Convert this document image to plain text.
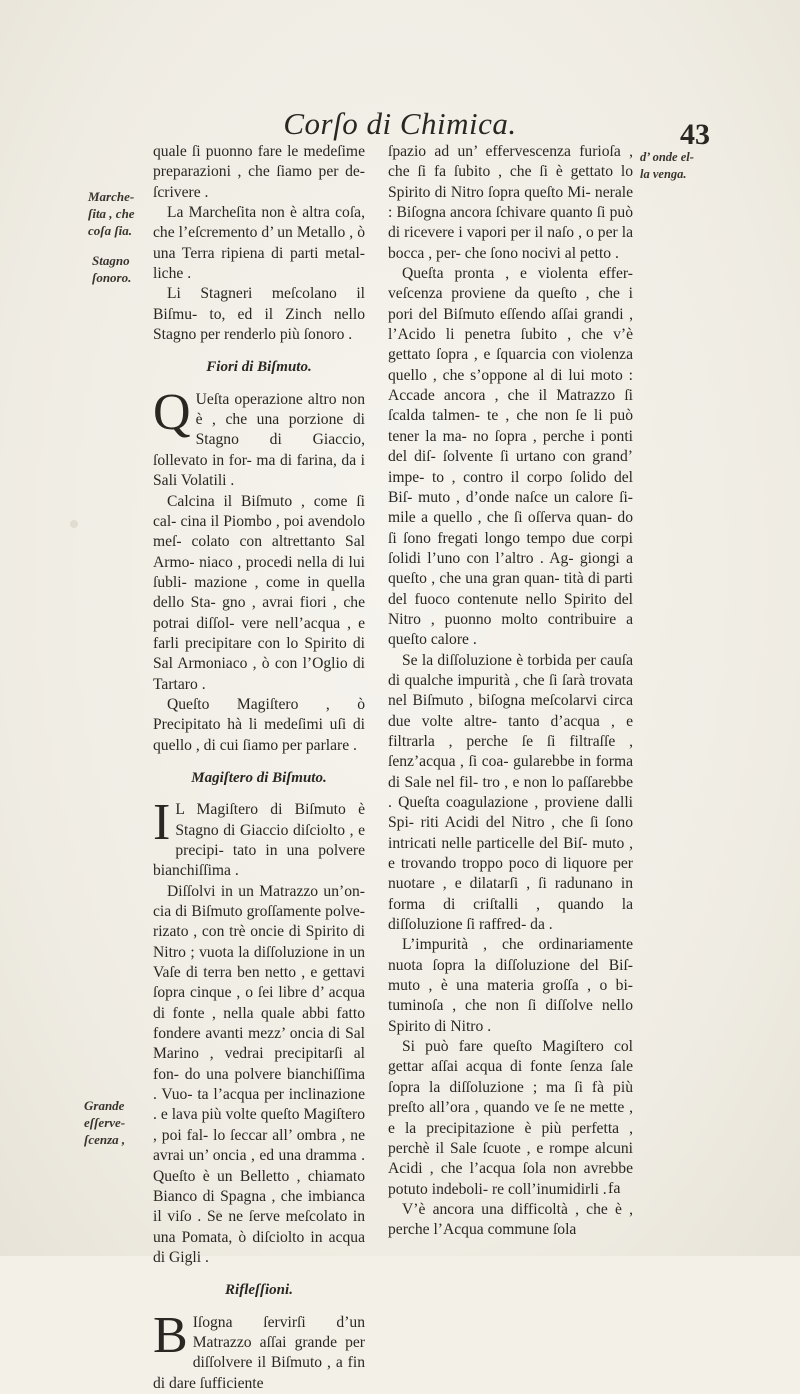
Corſo di Chimica.	43
Marche-
ſita , che
coſa ſia.
Stagno
ſonoro.
Grande
eſſerve-
ſcenza ,
d’ onde el-
la venga.

quale ſi puonno fare le medeſime preparazioni , che ſiamo per de- ſcrivere .

La Marcheſita non è altra coſa, che l’eſcremento d’ un Metallo , ò una Terra ripiena di parti metal- liche .

Li Stagneri meſcolano il Biſmu- to, ed il Zinch nello Stagno per renderlo più ſonoro .

Fiori di Biſmuto.

Q Ueſta operazione altro non è , che una porzione di Stagno di Giaccio, ſollevato in for- ma di farina, da i Sali Volatili .

Calcina il Biſmuto , come ſi cal- cina il Piombo , poi avendolo meſ- colato con altrettanto Sal Armo- niaco , procedi nella di lui ſubli- mazione , come in quella dello Sta- gno , avrai fiori , che potrai diſſol- vere nell’acqua , e farli precipitare con lo Spirito di Sal Armoniaco , ò con l’Oglio di Tartaro .

Queſto Magiſtero , ò Precipitato hà li medeſimi uſi di quello , di cui ſiamo per parlare .

Magiſtero di Biſmuto.

I L Magiſtero di Biſmuto è Stagno di Giaccio diſciolto , e precipi- tato in una polvere bianchiſſima .

Diſſolvi in un Matrazzo un’on- cia di Biſmuto groſſamente polve- rizato , con trè oncie di Spirito di Nitro ; vuota la diſſoluzione in un Vaſe di terra ben netto , e gettavi ſopra cinque , o ſei libre d’ acqua di fonte , nella quale abbi fatto fondere avanti mezz’ oncia di Sal Marino , vedrai precipitarſi al fon- do una polvere bianchiſſima . Vuo- ta l’acqua per inclinazione . e lava più volte queſto Magiſtero , poi fal- lo ſeccar all’ ombra , ne avrai un’ oncia , ed una dramma . Queſto è un Belletto , chiamato Bianco di Spagna , che imbianca il viſo . Se ne ſerve meſcolato in una Pomata, ò diſciolto in acqua di Gigli .

Rifleſſioni.

B Iſogna ſervirſi d’un Matrazzo aſſai grande per diſſolvere il Biſmuto , a fin di dare ſufficiente

ſpazio ad un’ effervescenza furioſa , che ſi fa ſubito , che ſi è gettato lo Spirito di Nitro ſopra queſto Mi- nerale : Biſogna ancora ſchivare quanto ſi può di ricevere i vapori per il naſo , o per la bocca , per- che ſono nocivi al petto .

Queſta pronta , e violenta effer- veſcenza proviene da queſto , che i pori del Biſmuto eſſendo aſſai grandi , l’Acido li penetra ſubito , che v’è gettato ſopra , e ſquarcia con violenza quello , che s’oppone al di lui moto : Accade ancora , che il Matrazzo ſi ſcalda talmen- te , che non ſe li può tener la ma- no ſopra , perche i ponti del diſ- ſolvente ſi urtano con grand’ impe- to , contro il corpo ſolido del Biſ- muto , d’onde naſce un calore ſi- mile a quello , che ſi oſſerva quan- do ſi ſono fregati longo tempo due corpi ſolidi l’uno con l’altro . Ag- giongi a queſto , che una gran quan- tità di parti del fuoco contenute nello Spirito del Nitro , puonno molto contribuire a queſto calore .

Se la diſſoluzione è torbida per cauſa di qualche impurità , che ſi ſarà trovata nel Biſmuto , biſogna meſcolarvi circa due volte altre- tanto d’acqua , e filtrarla , perche ſe ſi filtraſſe , ſenz’acqua , ſi coa- gularebbe in forma di Sale nel fil- tro , e non lo paſſarebbe . Queſta coagulazione , proviene dalli Spi- riti Acidi del Nitro , che ſi ſono intricati nelle particelle del Biſ- muto , e trovando troppo poco di liquore per nuotare , e dilatarſi , ſi radunano in forma di criſtalli , quando la diſſoluzione ſi raffred- da .

L’impurità , che ordinariamente nuota ſopra la diſſoluzione del Biſ- muto , è una materia groſſa , o bi- tuminoſa , che non ſi diſſolve nello Spirito di Nitro .

Si può fare queſto Magiſtero col gettar aſſai acqua di fonte ſenza ſale ſopra la diſſoluzione ; ma ſi fà più preſto all’ora , quando ve ſe ne mette , e la precipitazione è più perfetta , perchè il Sale ſcuote , e rompe alcuni Acidi , che l’acqua ſola non avrebbe potuto indeboli- re coll’inumidirli .

V’è ancora una difficoltà , che è , perche l’Acqua commune ſola

fa
